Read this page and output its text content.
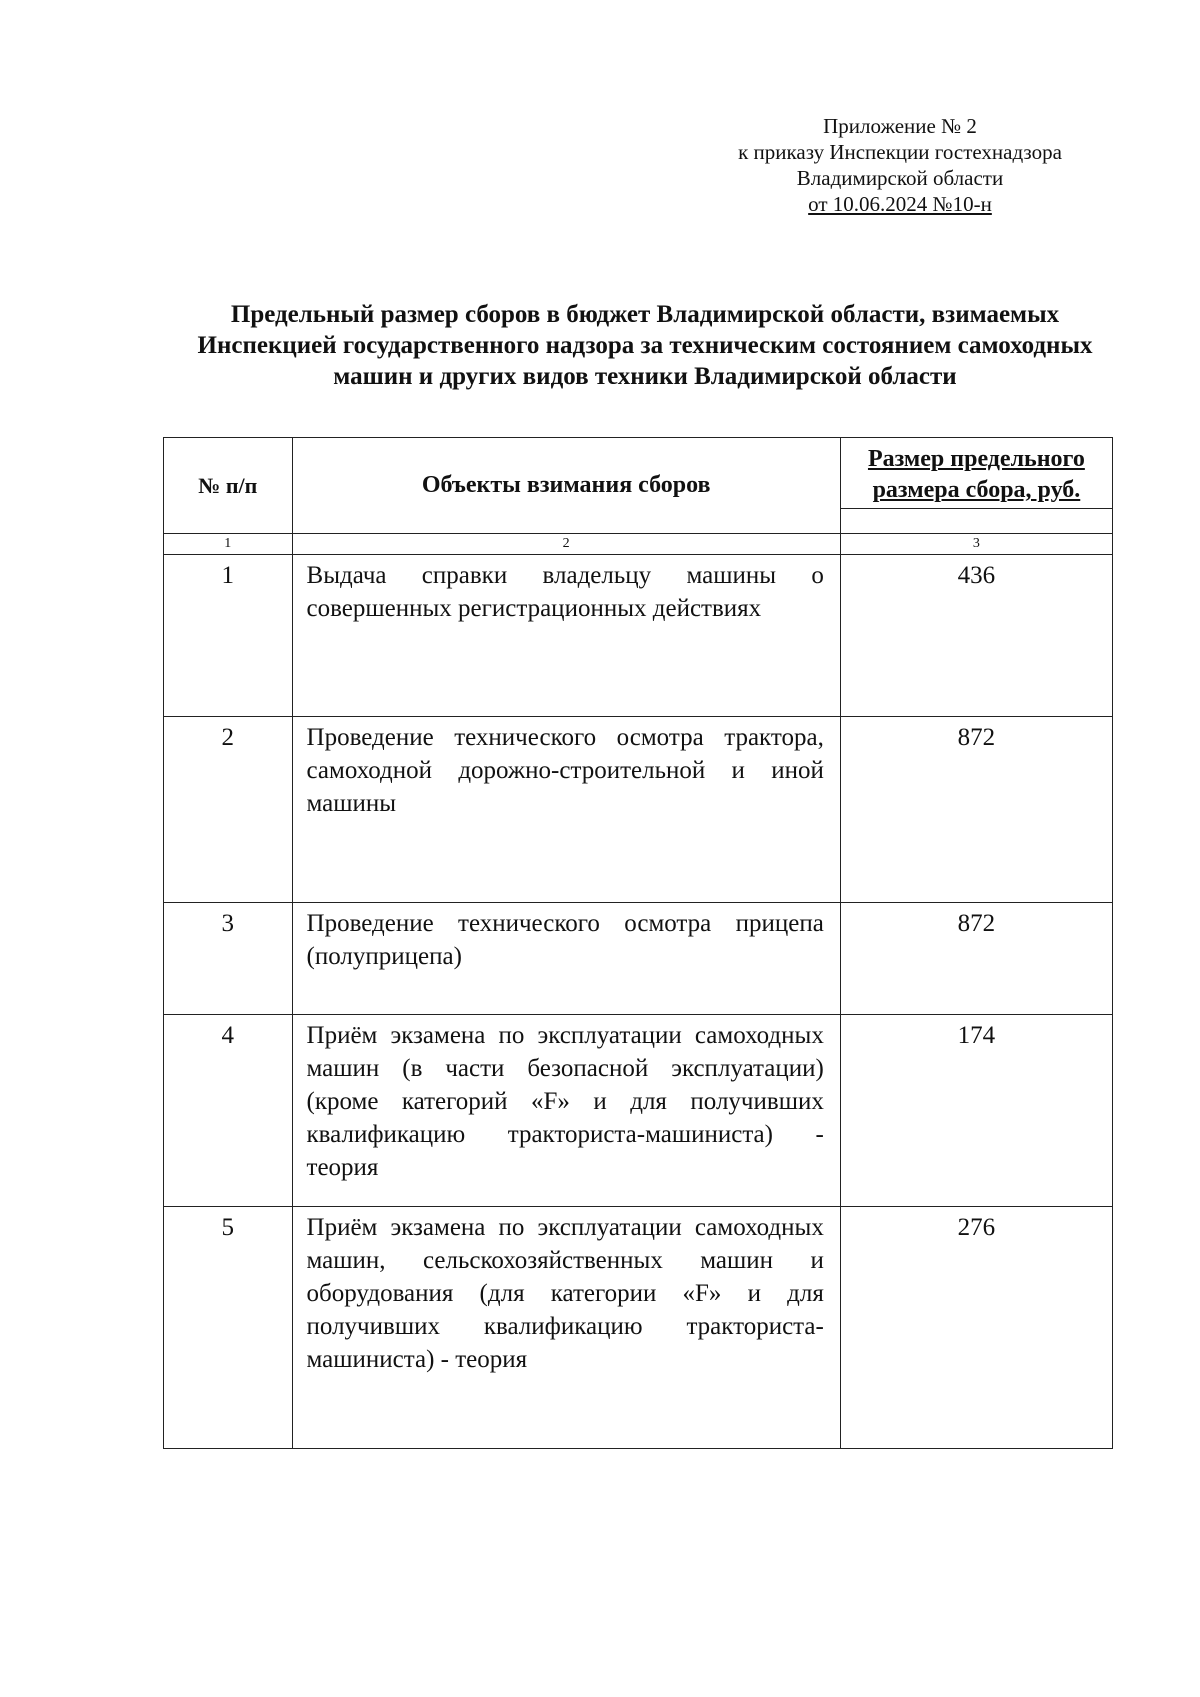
Приложение № 2
к приказу Инспекции гостехнадзора
Владимирской области
от 10.06.2024 №10-н
Предельный размер сборов в бюджет Владимирской области, взимаемых Инспекцией государственного надзора за техническим состоянием самоходных машин и других видов техники Владимирской области
№ п/п	Объекты взимания сборов	Размер предельного размера сбора, руб.

1	2	3
1	Выдача справки владельцу машины о совершенных регистрационных действиях	436
2	Проведение технического осмотра трактора, самоходной дорожно-строительной и иной машины	872
3	Проведение технического осмотра прицепа (полуприцепа)	872
4	Приём экзамена по эксплуатации самоходных машин (в части безопасной эксплуатации) (кроме категорий «F» и для получивших квалификацию тракториста-машиниста) - теория	174
5	Приём экзамена по эксплуатации самоходных машин, сельскохозяйственных машин и оборудования (для категории «F» и для получивших квалификацию тракториста-машиниста) - теория	276
